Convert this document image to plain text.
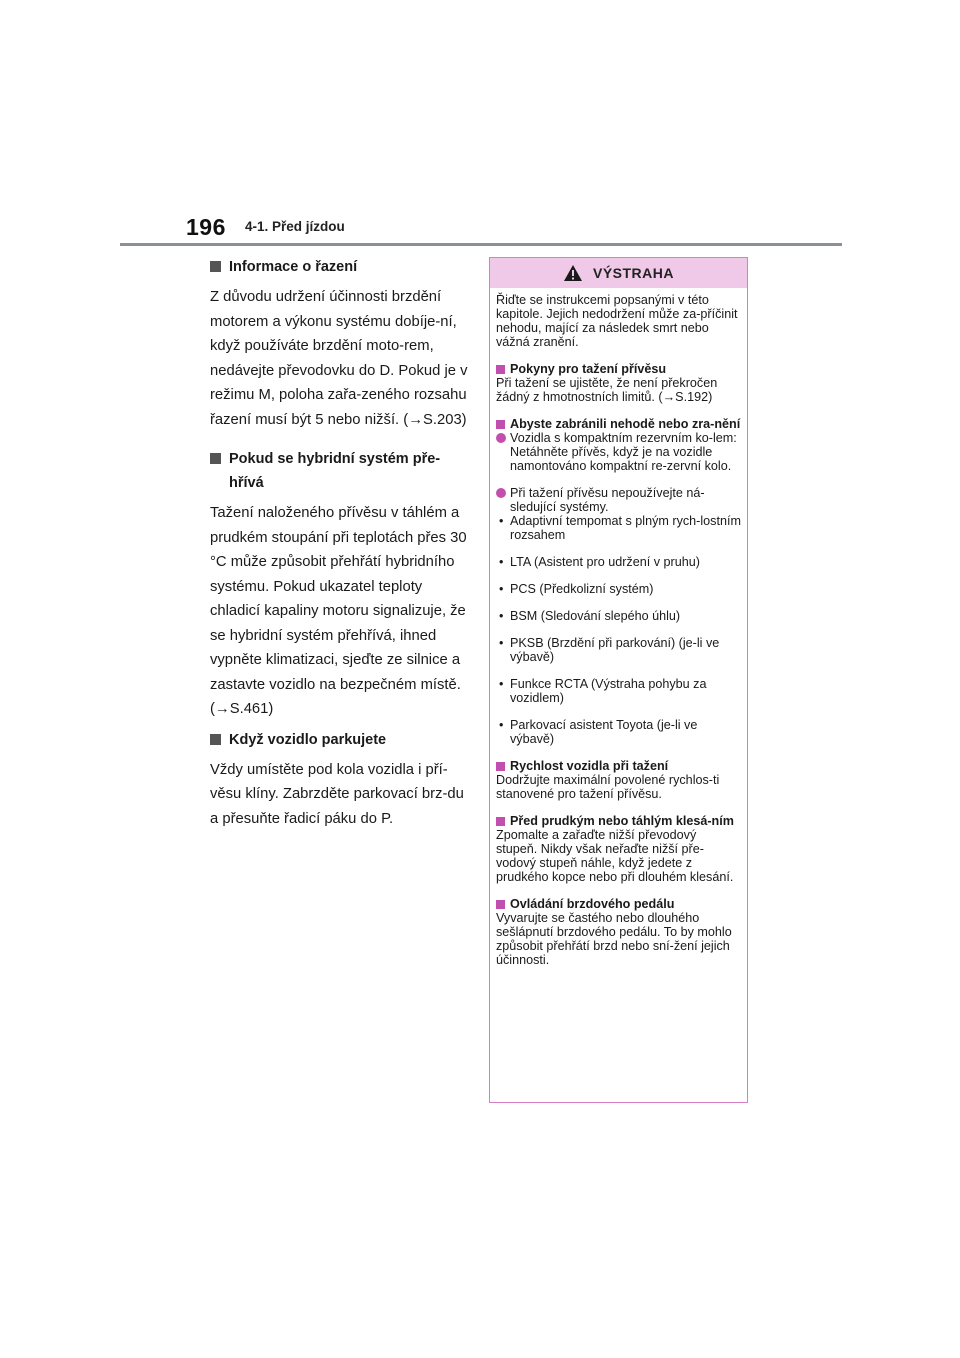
196 4-1. Před jízdou
Informace o řazení

Z důvodu udržení účinnosti brzdění motorem a výkonu systému dobíje-ní, když používáte brzdění moto-rem, nedávejte převodovku do D. Pokud je v režimu M, poloha zařa-zeného rozsahu řazení musí být 5 nebo nižší. (→S.203)

Pokud se hybridní systém pře-hřívá

Tažení naloženého přívěsu v táhlém a prudkém stoupání při teplotách přes 30 °C může způsobit přehřátí hybridního systému. Pokud ukazatel teploty chladicí kapaliny motoru signalizuje, že se hybridní systém přehřívá, ihned vypněte klimatizaci, sjeďte ze silnice a zastavte vozidlo na bezpečném místě. (→S.461)

Když vozidlo parkujete

Vždy umístěte pod kola vozidla i pří-věsu klíny. Zabrzděte parkovací brz-du a přesuňte řadicí páku do P.

VÝSTRAHA

Řiďte se instrukcemi popsanými v této kapitole. Jejich nedodržení může za-příčinit nehodu, mající za následek smrt nebo vážná zranění.

Pokyny pro tažení přívěsu

Při tažení se ujistěte, že není překročen žádný z hmotnostních limitů. (→S.192)

Abyste zabránili nehodě nebo zra-nění
Vozidla s kompaktním rezervním ko-lem: Netáhněte přívěs, když je na vozidle namontováno kompaktní re-zervní kolo.
Při tažení přívěsu nepoužívejte ná-sledující systémy.
• Adaptivní tempomat s plným rych-lostním rozsahem
• LTA (Asistent pro udržení v pruhu)
• PCS (Předkolizní systém)
• BSM (Sledování slepého úhlu)
• PKSB (Brzdění při parkování) (je-li ve výbavě)
• Funkce RCTA (Výstraha pohybu za vozidlem)
• Parkovací asistent Toyota (je-li ve výbavě)
Rychlost vozidla při tažení

Dodržujte maximální povolené rychlos-ti stanovené pro tažení přívěsu.

Před prudkým nebo táhlým klesá-ním

Zpomalte a zařaďte nižší převodový stupeň. Nikdy však neřaďte nižší pře-vodový stupeň náhle, když jedete z prudkého kopce nebo při dlouhém klesání.

Ovládání brzdového pedálu

Vyvarujte se častého nebo dlouhého sešlápnutí brzdového pedálu. To by mohlo způsobit přehřátí brzd nebo sní-žení jejich účinnosti.
